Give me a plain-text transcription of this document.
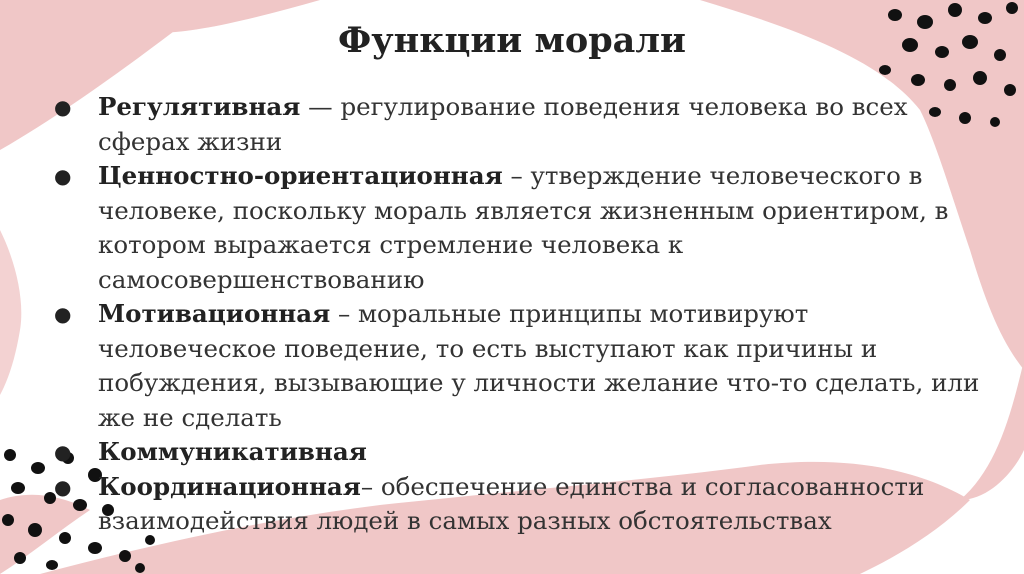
Функции морали
● Регулятивная — регулирование поведения человека во всех сферах жизни
● Ценностно-ориентационная – утверждение человеческого в человеке, поскольку мораль является жизненным ориентиром, в котором выражается стремление человека к самосовершенствованию
● Мотивационная – моральные принципы мотивируют человеческое поведение, то есть выступают как причины и побуждения, вызывающие у личности желание что-то сделать, или же не сделать
● Коммуникативная
● Координационная– обеспечение единства и согласованности взаимодействия людей в самых разных обстоятельствах
